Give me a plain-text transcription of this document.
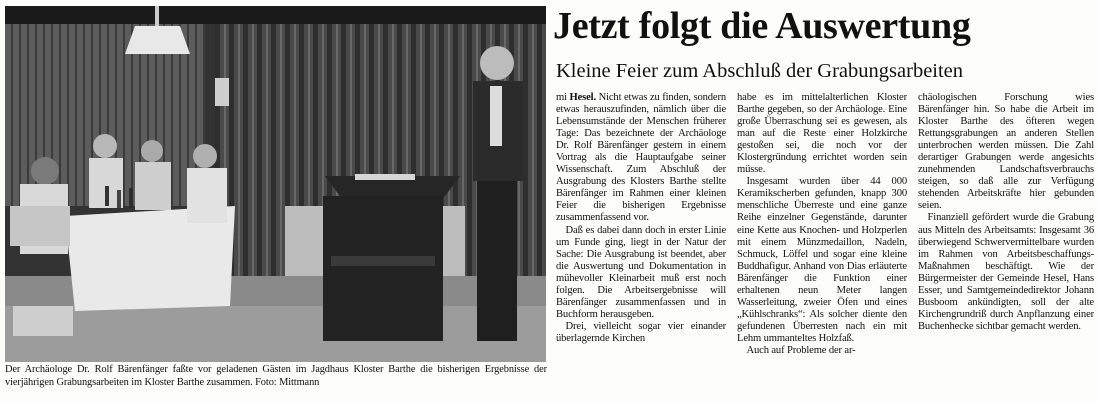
Der Archäologe Dr. Rolf Bärenfänger faßte vor geladenen Gästen im Jagdhaus Kloster Barthe die bisherigen Ergebnisse der vierjährigen Grabungsarbeiten im Kloster Barthe zusammen. Foto: Mittmann
Jetzt folgt die Auswertung
Kleine Feier zum Abschluß der Grabungsarbeiten

mi Hesel. Nicht etwas zu finden, sondern etwas herauszufinden, nämlich über die Lebensumstände der Menschen früherer Tage: Das bezeichnete der Archäologe Dr. Rolf Bärenfänger gestern in einem Vortrag als die Hauptaufgabe seiner Wissenschaft. Zum Abschluß der Ausgrabung des Klosters Barthe stellte Bärenfänger im Rahmen einer kleinen Feier die bisherigen Ergebnisse zusammenfassend vor.

Daß es dabei dann doch in erster Linie um Funde ging, liegt in der Natur der Sache: Die Ausgrabung ist beendet, aber die Auswertung und Dokumentation in mühevoller Kleinarbeit muß erst noch folgen. Die Arbeitsergebnisse will Bärenfänger zusammenfassen und in Buchform herausgeben.

Drei, vielleicht sogar vier einander überlagernde Kirchen

habe es im mittelalterlichen Kloster Barthe gegeben, so der Archäologe. Eine große Überraschung sei es gewesen, als man auf die Reste einer Holzkirche gestoßen sei, die noch vor der Klostergründung errichtet worden sein müsse.

Insgesamt wurden über 44 000 Keramikscherben gefunden, knapp 300 menschliche Überreste und eine ganze Reihe einzelner Gegenstände, darunter eine Kette aus Knochen- und Holzperlen mit einem Münzmedaillon, Nadeln, Schmuck, Löffel und sogar eine kleine Buddhafigur. Anhand von Dias erläuterte Bärenfänger die Funktion einer erhaltenen neun Meter langen Wasserleitung, zweier Öfen und eines „Kühlschranks“: Als solcher diente den gefundenen Überresten nach ein mit Lehm ummanteltes Holzfaß.

Auch auf Probleme der ar-

chäologischen Forschung wies Bärenfänger hin. So habe die Arbeit im Kloster Barthe des öfteren wegen Rettungsgrabungen an anderen Stellen unterbrochen werden müssen. Die Zahl derartiger Grabungen werde angesichts zunehmenden Landschaftsverbrauchs steigen, so daß alle zur Verfügung stehenden Arbeitskräfte hier gebunden seien.

Finanziell gefördert wurde die Grabung aus Mitteln des Arbeitsamts: Insgesamt 36 überwiegend Schwervermittelbare wurden im Rahmen von Arbeitsbeschaffungs-Maßnahmen beschäftigt. Wie der Bürgermeister der Gemeinde Hesel, Hans Esser, und Samtgemeindedirektor Johann Busboom ankündigten, soll der alte Kirchengrundriß durch Anpflanzung einer Buchenhecke sichtbar gemacht werden.
